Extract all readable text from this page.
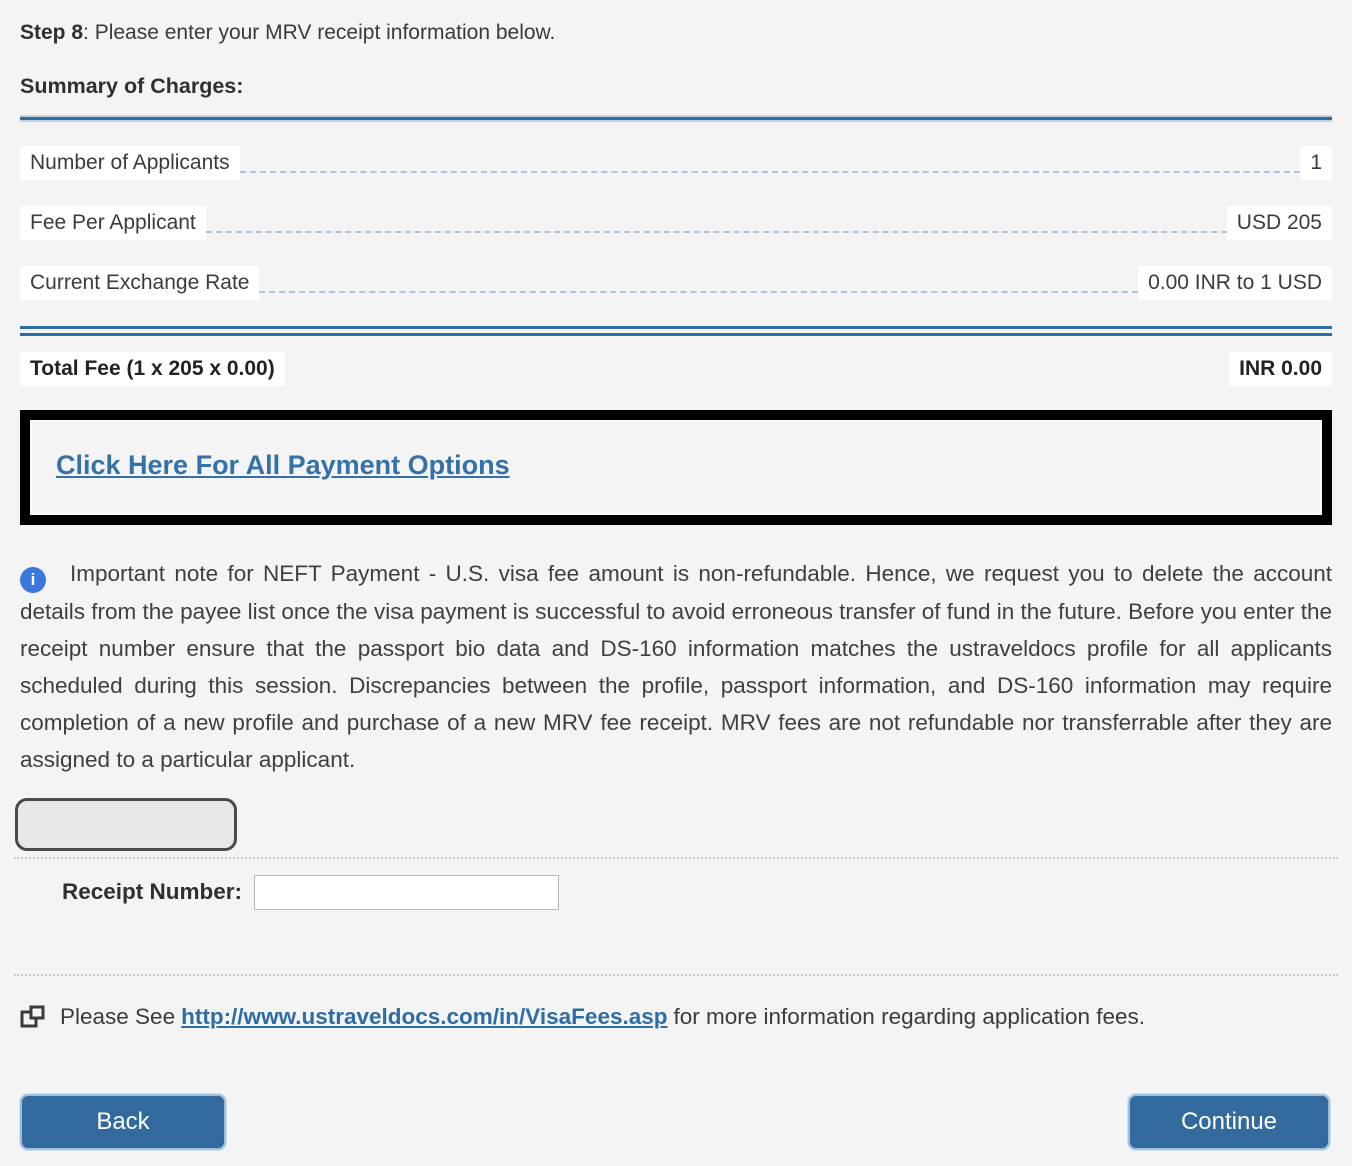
Step 8: Please enter your MRV receipt information below.
Summary of Charges:
Number of Applicants	1
Fee Per Applicant	USD 205
Current Exchange Rate	0.00 INR to 1 USD
Total Fee (1 x 205 x 0.00)	INR 0.00
Click Here For All Payment Options
i Important note for NEFT Payment - U.S. visa fee amount is non-refundable. Hence, we request you to delete the account details from the payee list once the visa payment is successful to avoid erroneous transfer of fund in the future. Before you enter the receipt number ensure that the passport bio data and DS-160 information matches the ustraveldocs profile for all applicants scheduled during this session. Discrepancies between the profile, passport information, and DS-160 information may require completion of a new profile and purchase of a new MRV fee receipt. MRV fees are not refundable nor transferrable after they are assigned to a particular applicant.
Receipt Number:
Please See http://www.ustraveldocs.com/in/VisaFees.asp for more information regarding application fees.
Back	Continue
